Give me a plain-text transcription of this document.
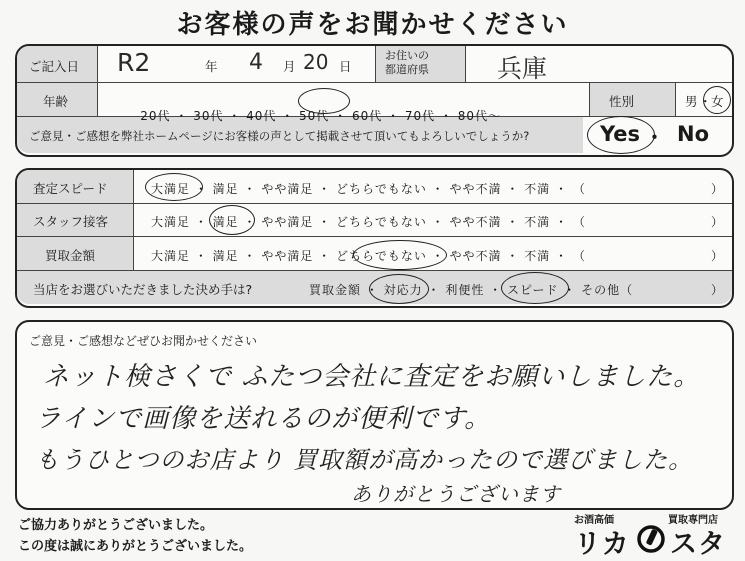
お客様の声をお聞かせください
ご記入日 R2	年 4 月 20 日
お住いの
都道府県	兵庫
年齢

20代 ・ 30代 ・ 40代 ・ 50代 ・ 60代 ・ 70代 ・ 80代〜

性別	男 ・ 女
ご意見・ご感想を弊社ホームページにお客様の声として掲載させて頂いてもよろしいでしょうか?	Yes ・ No
査定スピード	大満足 ・ 満足 ・ やや満足 ・ どちらでもない ・ やや不満 ・ 不満 ・ （	）
スタッフ接客	大満足 ・ 満足 ・ やや満足 ・ どちらでもない ・ やや不満 ・ 不満 ・ （	）
買取金額	大満足 ・ 満足 ・ やや満足 ・ どちらでもない ・ やや不満 ・ 不満 ・ （	）
当店をお選びいただきました決め手は?	買取金額 ・ 対応力 ・ 利便性 ・ スピード ・ その他（	）
ご意見・ご感想などぜひお聞かせください
ネット検さくで ふたつ会社に査定をお願いしました。
ラインで画像を送れるのが便利です。
もうひとつのお店より 買取額が高かったので選びました。
ありがとうございます
ご協力ありがとうございました。
この度は誠にありがとうございました。
お酒高価	買取専門店
リカ スタ
